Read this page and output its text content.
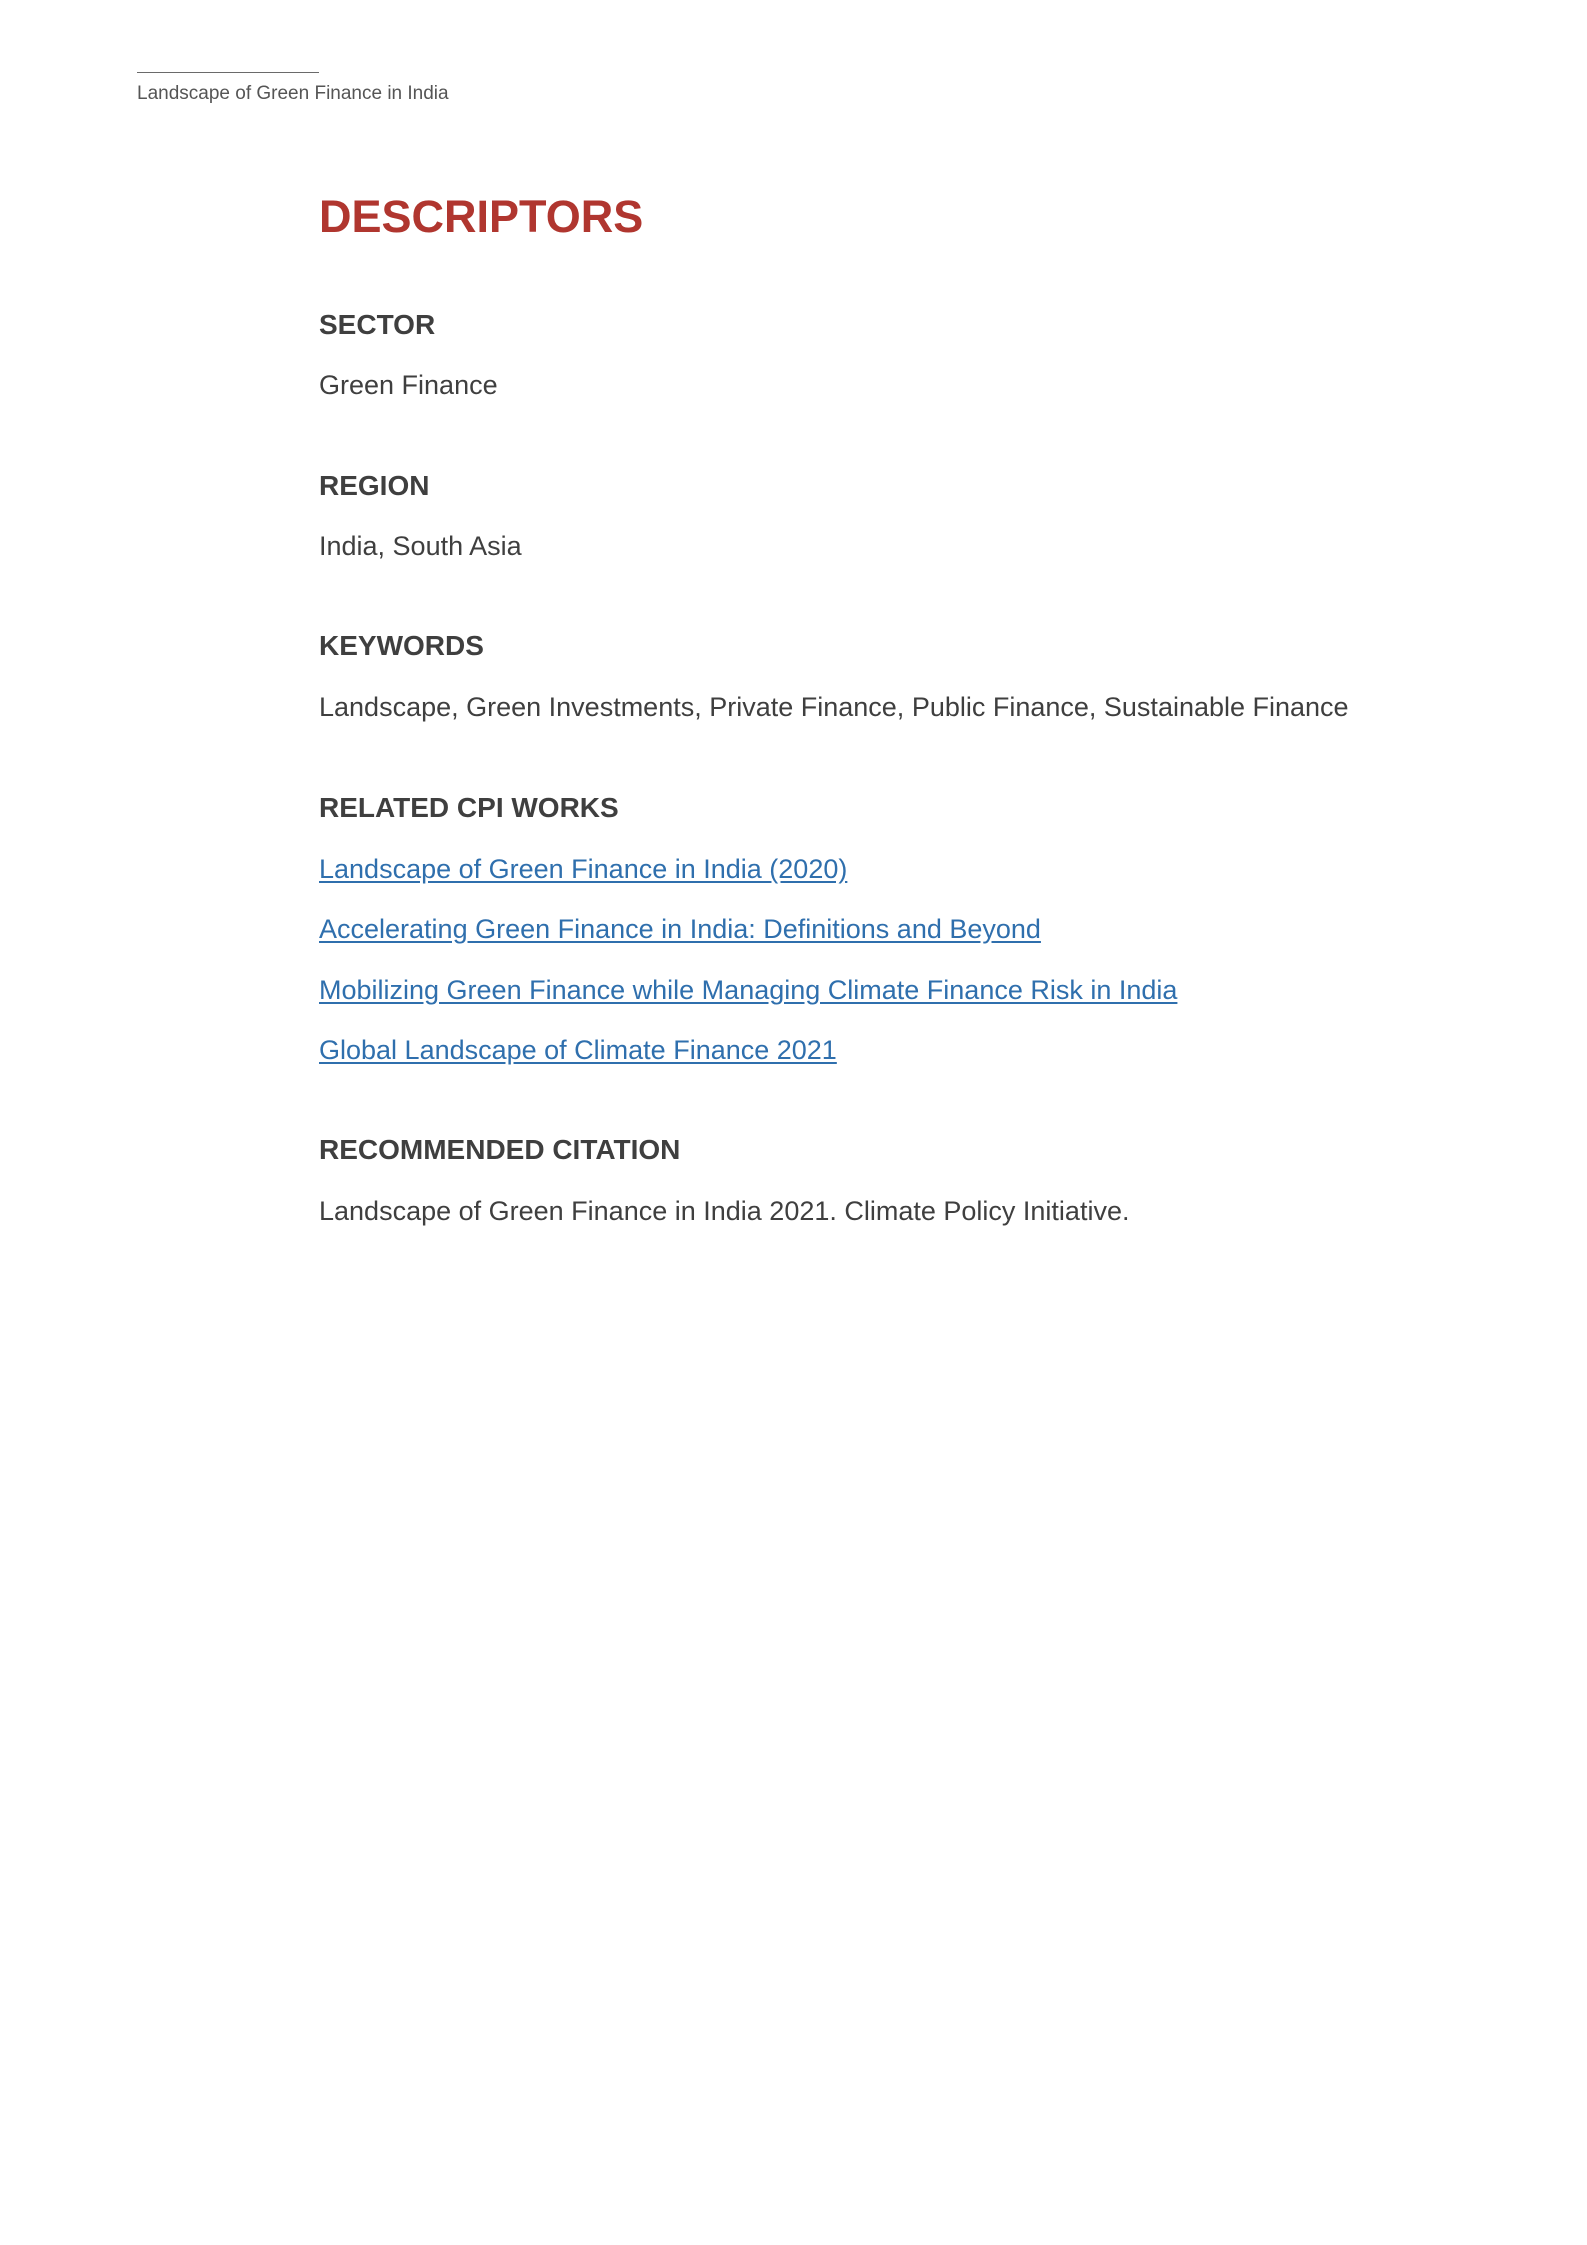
Landscape of Green Finance in India
DESCRIPTORS
SECTOR

Green Finance

REGION

India, South Asia

KEYWORDS

Landscape, Green Investments, Private Finance, Public Finance, Sustainable Finance

RELATED CPI WORKS
Landscape of Green Finance in India (2020)
Accelerating Green Finance in India: Definitions and Beyond
Mobilizing Green Finance while Managing Climate Finance Risk in India
Global Landscape of Climate Finance 2021
RECOMMENDED CITATION

Landscape of Green Finance in India 2021. Climate Policy Initiative.
